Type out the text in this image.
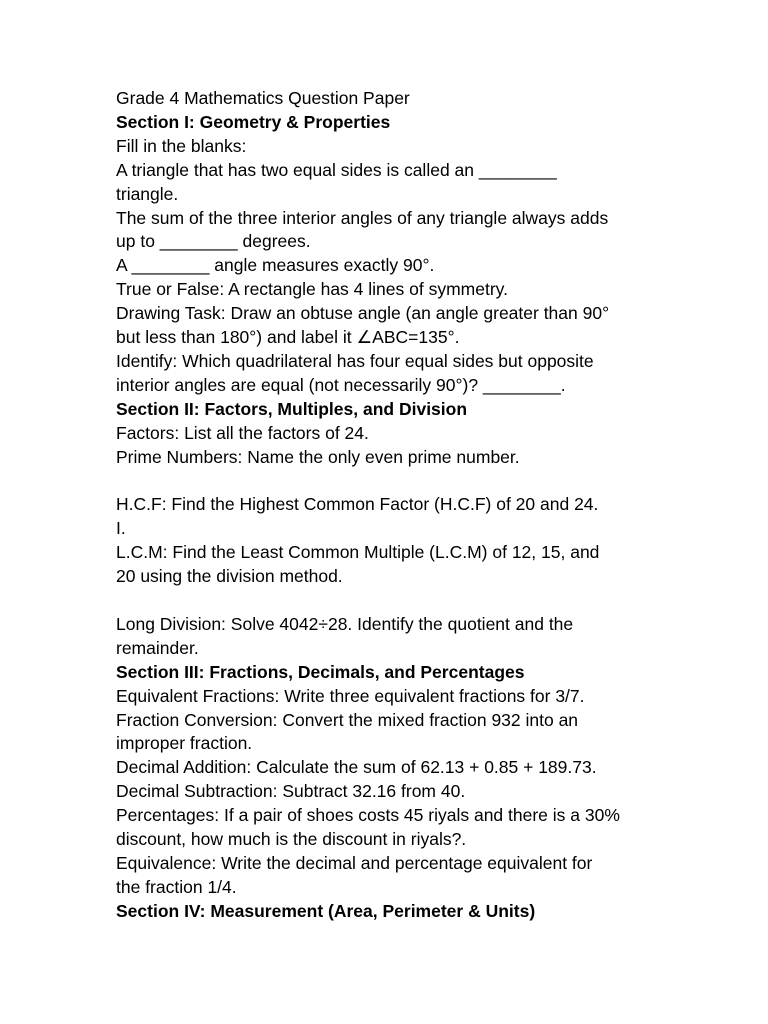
Grade 4 Mathematics Question Paper
Section I: Geometry & Properties
Fill in the blanks:
A triangle that has two equal sides is called an ________
triangle.
The sum of the three interior angles of any triangle always adds
up to ________ degrees.
A ________ angle measures exactly 90°.
True or False: A rectangle has 4 lines of symmetry.
Drawing Task: Draw an obtuse angle (an angle greater than 90°
but less than 180°) and label it ∠ABC=135°.
Identify: Which quadrilateral has four equal sides but opposite
interior angles are equal (not necessarily 90°)? ________.
Section II: Factors, Multiples, and Division
Factors: List all the factors of 24.
Prime Numbers: Name the only even prime number.
H.C.F: Find the Highest Common Factor (H.C.F) of 20 and 24.
I.
L.C.M: Find the Least Common Multiple (L.C.M) of 12, 15, and
20 using the division method.
Long Division: Solve 4042÷28. Identify the quotient and the
remainder.
Section III: Fractions, Decimals, and Percentages
Equivalent Fractions: Write three equivalent fractions for 3/7.
Fraction Conversion: Convert the mixed fraction 932 into an
improper fraction.
Decimal Addition: Calculate the sum of 62.13 + 0.85 + 189.73.
Decimal Subtraction: Subtract 32.16 from 40.
Percentages: If a pair of shoes costs 45 riyals and there is a 30%
discount, how much is the discount in riyals?.
Equivalence: Write the decimal and percentage equivalent for
the fraction 1/4.
Section IV: Measurement (Area, Perimeter & Units)
